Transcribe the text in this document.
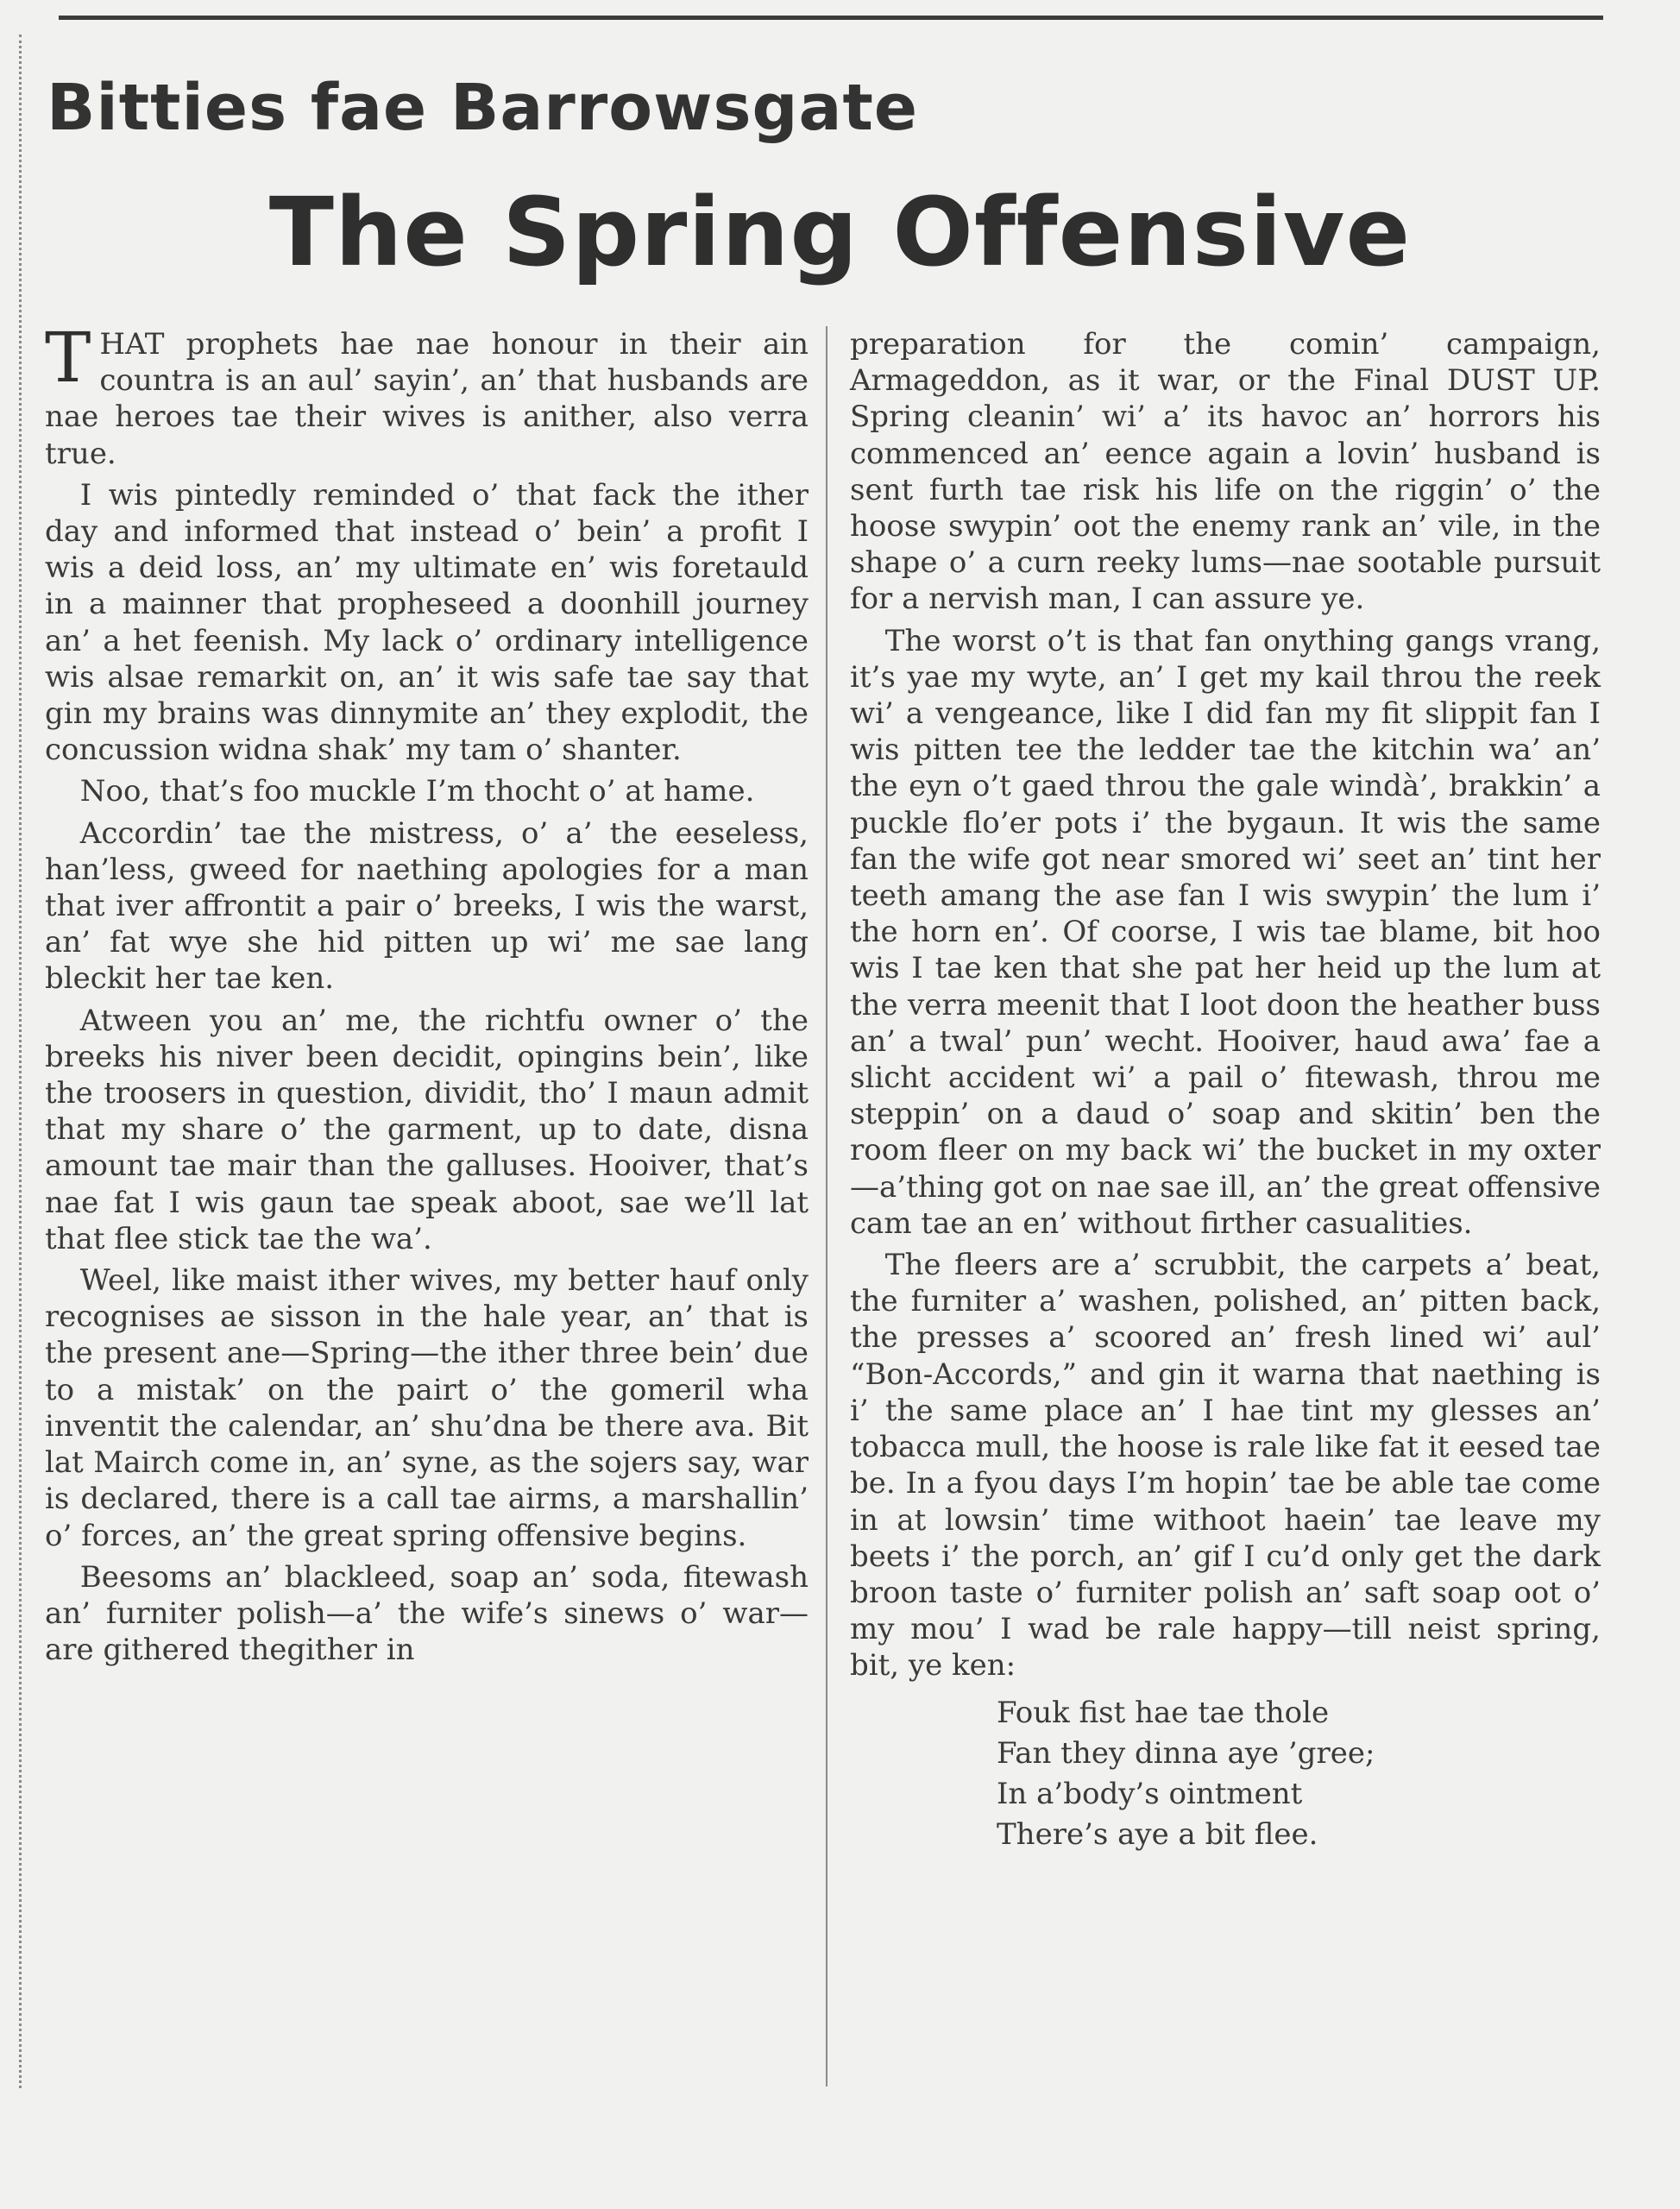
Bitties fae Barrowsgate
The Spring Offensive

THAT prophets hae nae honour in their ain countra is an aul’ sayin’, an’ that husbands are nae heroes tae their wives is anither, also verra true.

I wis pintedly reminded o’ that fack the ither day and informed that instead o’ bein’ a profit I wis a deid loss, an’ my ultimate en’ wis foretauld in a mainner that propheseed a doonhill journey an’ a het feenish. My lack o’ ordinary intelligence wis alsae remarkit on, an’ it wis safe tae say that gin my brains was dinnymite an’ they explodit, the concussion widna shak’ my tam o’ shanter.

Noo, that’s foo muckle I’m thocht o’ at hame.

Accordin’ tae the mistress, o’ a’ the eeseless, han’less, gweed for naething apologies for a man that iver affrontit a pair o’ breeks, I wis the warst, an’ fat wye she hid pitten up wi’ me sae lang bleckit her tae ken.

Atween you an’ me, the richtfu owner o’ the breeks his niver been decidit, opingins bein’, like the troosers in question, dividit, tho’ I maun admit that my share o’ the garment, up to date, disna amount tae mair than the galluses. Hooiver, that’s nae fat I wis gaun tae speak aboot, sae we’ll lat that flee stick tae the wa’.

Weel, like maist ither wives, my better hauf only recognises ae sisson in the hale year, an’ that is the present ane—Spring—the ither three bein’ due to a mistak’ on the pairt o’ the gomeril wha inventit the calendar, an’ shu’dna be there ava. Bit lat Mairch come in, an’ syne, as the sojers say, war is declared, there is a call tae airms, a marshallin’ o’ forces, an’ the great spring offensive begins.

Beesoms an’ blackleed, soap an’ soda, fitewash an’ furniter polish—a’ the wife’s sinews o’ war—are githered thegither in

preparation for the comin’ campaign, Armageddon, as it war, or the Final DUST UP. Spring cleanin’ wi’ a’ its havoc an’ horrors his commenced an’ eence again a lovin’ husband is sent furth tae risk his life on the riggin’ o’ the hoose swypin’ oot the enemy rank an’ vile, in the shape o’ a curn reeky lums—nae sootable pursuit for a nervish man, I can assure ye.

The worst o’t is that fan onything gangs vrang, it’s yae my wyte, an’ I get my kail throu the reek wi’ a vengeance, like I did fan my fit slippit fan I wis pitten tee the ledder tae the kitchin wa’ an’ the eyn o’t gaed throu the gale windà’, brakkin’ a puckle flo’er pots i’ the bygaun. It wis the same fan the wife got near smored wi’ seet an’ tint her teeth amang the ase fan I wis swypin’ the lum i’ the horn en’. Of coorse, I wis tae blame, bit hoo wis I tae ken that she pat her heid up the lum at the verra meenit that I loot doon the heather buss an’ a twal’ pun’ wecht. Hooiver, haud awa’ fae a slicht accident wi’ a pail o’ fitewash, throu me steppin’ on a daud o’ soap and skitin’ ben the room fleer on my back wi’ the bucket in my oxter—a’thing got on nae sae ill, an’ the great offensive cam tae an en’ without firther casualities.

The fleers are a’ scrubbit, the carpets a’ beat, the furniter a’ washen, polished, an’ pitten back, the presses a’ scoored an’ fresh lined wi’ aul’ “Bon-Accords,” and gin it warna that naething is i’ the same place an’ I hae tint my glesses an’ tobacca mull, the hoose is rale like fat it eesed tae be. In a fyou days I’m hopin’ tae be able tae come in at lowsin’ time withoot haein’ tae leave my beets i’ the porch, an’ gif I cu’d only get the dark broon taste o’ furniter polish an’ saft soap oot o’ my mou’ I wad be rale happy—till neist spring, bit, ye ken:

Fouk fist hae tae thole
Fan they dinna aye ’gree;
In a’body’s ointment
There’s aye a bit flee.
